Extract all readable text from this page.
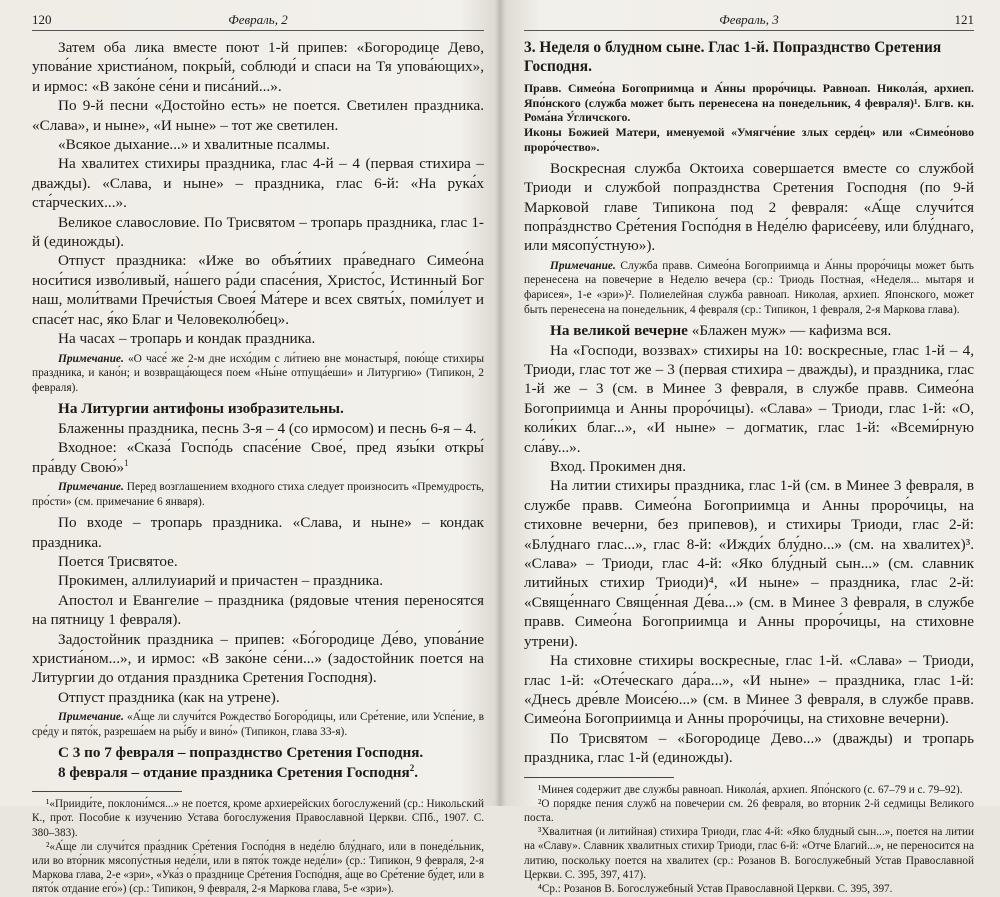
120	Февраль, 2

Затем оба лика вместе поют 1-й припев: «Богородице Дево, упова́ние христиа́ном, покры́й, соблюди́ и спаси на Тя упова́ющих», и ирмос: «В зако́не се́ни и писа́ний...».

По 9-й песни «Достойно есть» не поется. Светилен праздника. «Слава», и ныне», «И ныне» – тот же светилен.

«Всякое дыхание...» и хвалитные псалмы.

На хвалитех стихиры праздника, глас 4-й – 4 (первая стихира – дважды). «Слава, и ныне» – праздника, глас 6-й: «На рука́х ста́рческих...».

Великое славословие. По Трисвятом – тропарь праздника, глас 1-й (единожды).

Отпуст праздника: «Иже во объя́тиих пра́веднаго Симео́на носи́тися изво́ливый, на́шего ра́ди спасе́ния, Христо́с, Истинный Бог наш, моли́твами Пречи́стыя Своея́ Ма́тере и всех святы́х, поми́лует и спасе́т нас, я́ко Благ и Человеколю́бец».

На часах – тропарь и кондак праздника.

Примечание. «О часе́ же 2-м дне исхо́дим с ли́тиею вне монастыря́, пою́ще стихиры праздника, и кано́н; и возвраща́ющеся поем «Ны́не отпуща́еши» и Литургию» (Типикон, 2 февраля).

На Литургии антифоны изобразительны.

Блаженны праздника, песнь 3-я – 4 (со ирмосом) и песнь 6-я – 4.

Входное: «Сказа́ Госпо́дь спасе́ние Свое́, пред язы́ки откры́ пра́вду Свою́»$^1$

Примечание. Перед возглашением входного стиха следует произносить «Премудрость, про́сти» (см. примечание 6 января).

По входе – тропарь праздника. «Слава, и ныне» – кондак праздника.

Поется Трисвятое.

Прокимен, аллилуиарий и причастен – праздника.

Апостол и Евангелие – праздника (рядовые чтения переносятся на пятницу 1 февраля).

Задостойник праздника – припев: «Бо́городице Де́во, упова́ние христиа́ном...», и ирмос: «В зако́не се́ни...» (задостойник поется на Литургии до отдания праздника Сретения Господня).

Отпуст праздника (как на утрене).

Примечание. «А́ще ли случи́тся Рождество́ Богоро́дицы, или Сре́тение, или Успе́ние, в сре́ду и пято́к, разреша́ем на ры́бу и вино́» (Типикон, глава 33-я).

С 3 по 7 февраля – попразднство Сретения Господня.

8 февраля – отдание праздника Сретения Господня$^2$.

¹«Прииди́те, поклони́мся...» не поется, кроме архиерейских богослужений (ср.: Никольский К., прот. Пособие к изучению Устава богослужения Православной Церкви. СПб., 1907. С. 380–383).

²«А́ще ли случи́тся пра́здник Сре́тения Госпо́дня в неде́лю блу́днаго, или в понеде́льник, или во вто́рник мясопу́стныя неде́ли, или в пято́к тожде неде́ли» (ср.: Типикон, 9 февраля, 2-я Маркова глава, 2-е «зри», «Ука́з о пра́зднице Сре́тения Госпо́дня, а́ще во Сре́тение бу́дет, или в пято́к отдание его́») (ср.: Типикон, 9 февраля, 2-я Маркова глава, 5-е «зри»).

Февраль, 3	121

3. Неделя о блудном сыне. Глас 1-й. Попразднство Сретения Господня.

Правв. Симео́на Богоприимца и А́нны проро́чицы. Равноап. Никола́я, архиеп. Япо́нского (служба может быть перенесена на понедельник, 4 февраля)¹. Блгв. кн. Рома́на У́гличского.

Иконы Божией Матери, именуемой «Умягче́ние злых серде́ц» или «Симео́ново проро́чество».

Воскресная служба Октоиха совершается вместе со службой Триоди и службой попразднства Сретения Господня (по 9-й Марковой главе Типикона под 2 февраля: «А́ще случи́тся попра́зднство Сре́тения Госпо́дня в Неде́лю фарисе́еву, или блу́днаго, или мясопу́стную»).

Примечание. Служба правв. Симео́на Богоприимца и А́нны проро́чицы может быть перенесена на повечерие в Неделю вечера (ср.: Триодь Постная, «Неделя... мытаря и фарисея», 1-е «зри»)². Полиелейная служба равноап. Николая, архиеп. Японского, может быть перенесена на понедельник, 4 февраля (ср.: Типикон, 1 февраля, 2-я Маркова глава).

На великой вечерне «Блажен муж» — кафизма вся.

На «Господи, воззвах» стихиры на 10: воскресные, глас 1-й – 4, Триоди, глас тот же – 3 (первая стихира – дважды), и праздника, глас 1-й же – 3 (см. в Минее 3 февраля, в службе правв. Симео́на Богоприимца и Анны проро́чицы). «Слава» – Триоди, глас 1-й: «О, коли́ких благ...», «И ныне» – догматик, глас 1-й: «Всеми́рную сла́ву...».

Вход. Прокимен дня.

На литии стихиры праздника, глас 1-й (см. в Минее 3 февраля, в службе правв. Симео́на Богоприимца и Анны проро́чицы, на стиховне вечерни, без припевов), и стихиры Триоди, глас 2-й: «Блу́днаго глас...», глас 8-й: «Ижди́х блу́дно...» (см. на хвалитех)³. «Слава» – Триоди, глас 4-й: «Яко блу́дный сын...» (см. славник литийных стихир Триоди)⁴, «И ныне» – праздника, глас 2-й: «Свяще́ннаго Свяще́нная Де́ва...» (см. в Минее 3 февраля, в службе правв. Симео́на Богоприимца и Анны проро́чицы, на стиховне утрени).

На стиховне стихиры воскресные, глас 1-й. «Слава» – Триоди, глас 1-й: «Оте́ческаго да́ра...», «И ныне» – праздника, глас 1-й: «Днесь дре́вле Моисе́ю...» (см. в Минее 3 февраля, в службе правв. Симео́на Богоприимца и Анны проро́чицы, на стиховне вечерни).

По Трисвятом – «Богородице Дево...» (дважды) и тропарь праздника, глас 1-й (единожды).

¹Минея содержит две службы равноап. Никола́я, архиеп. Япо́нского (с. 67–79 и с. 79–92).

²О порядке пения служб на повечерии см. 26 февраля, во вторник 2-й седмицы Великого поста.

³Хвалитная (и литийная) стихира Триоди, глас 4-й: «Яко блудный сын...», поется на литии на «Славу». Славник хвалитных стихир Триоди, глас 6-й: «Отче Благий...», не переносится на литию, поскольку поется на хвалитех (ср.: Розанов В. Богослужебный Устав Православной Церкви. С. 395, 397, 417).

⁴Ср.: Розанов В. Богослужебный Устав Православной Церкви. С. 395, 397.
